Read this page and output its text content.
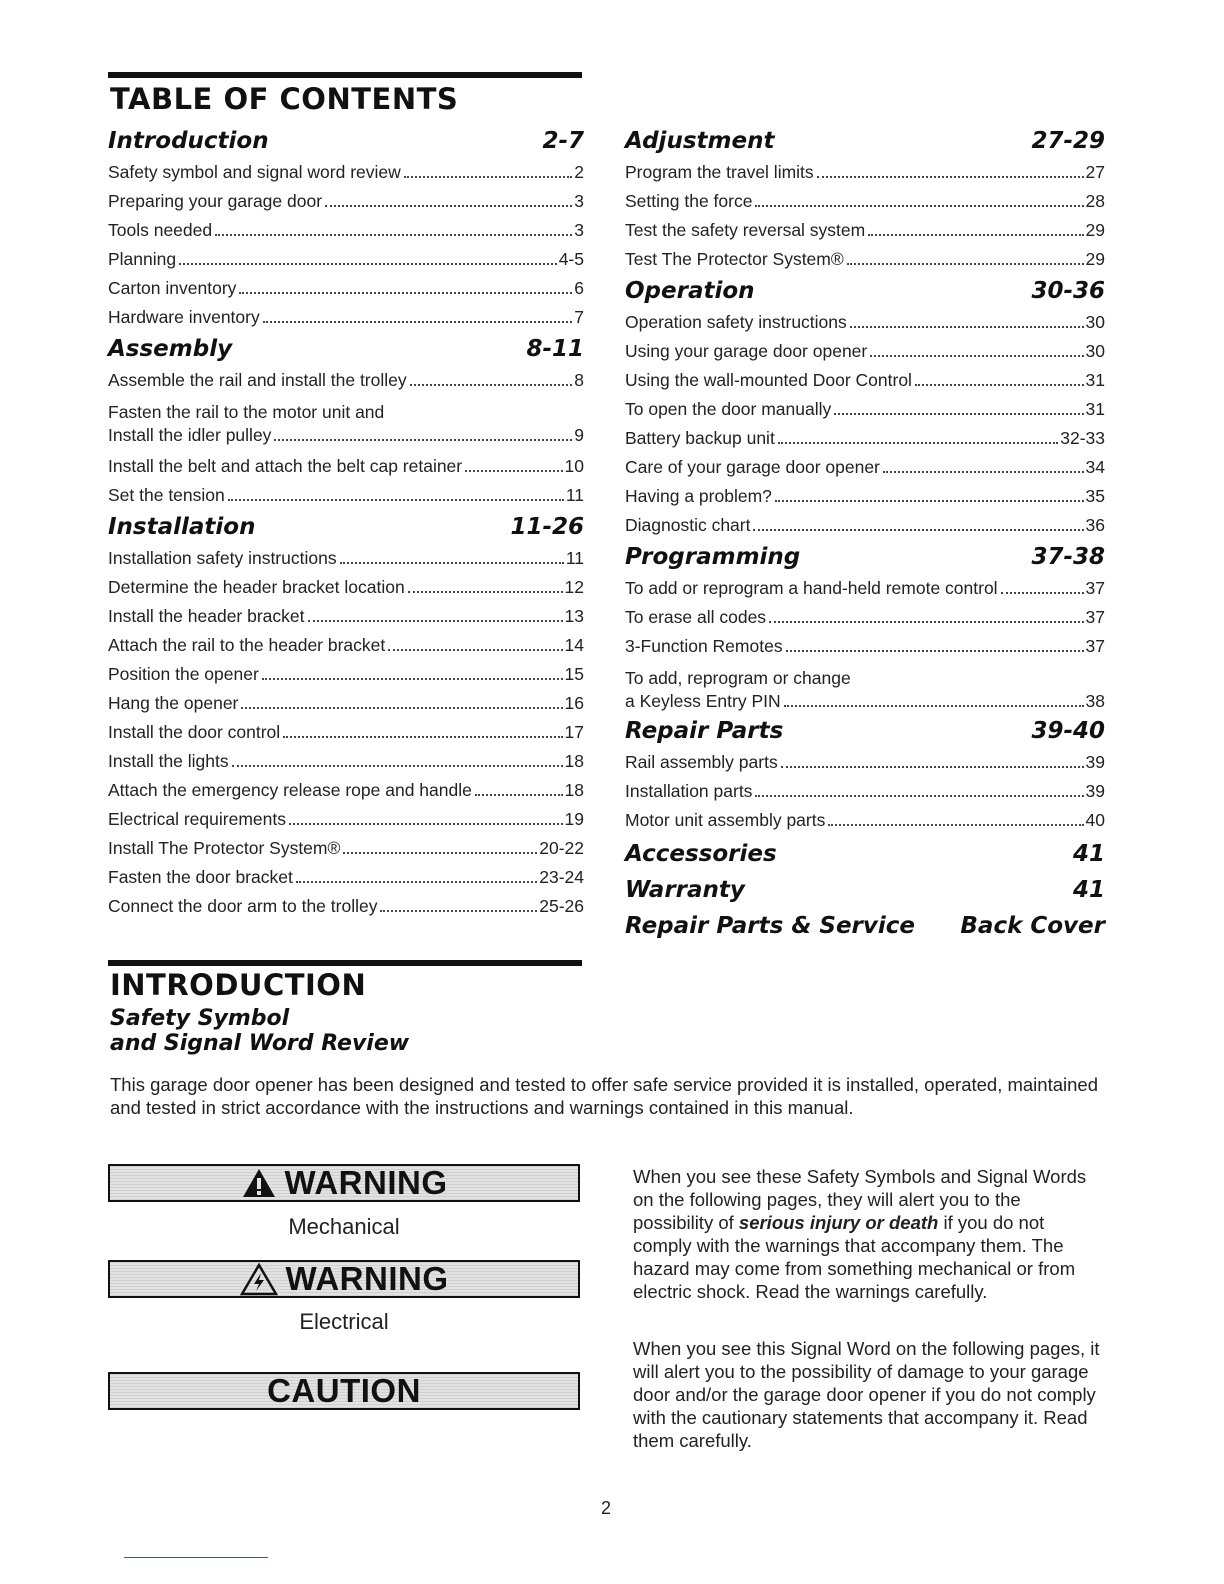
TABLE OF CONTENTS
Introduction	2-7
Safety symbol and signal word review	2
Preparing your garage door	3
Tools needed	3
Planning	4-5
Carton inventory	6
Hardware inventory	7
Assembly	8-11
Assemble the rail and install the trolley	8
Fasten the rail to the motor unit and
Install the idler pulley	9
Install the belt and attach the belt cap retainer	10
Set the tension	11
Installation	11-26
Installation safety instructions	11
Determine the header bracket location	12
Install the header bracket	13
Attach the rail to the header bracket	14
Position the opener	15
Hang the opener	16
Install the door control	17
Install the lights	18
Attach the emergency release rope and handle	18
Electrical requirements	19
Install The Protector System®	20-22
Fasten the door bracket	23-24
Connect the door arm to the trolley	25-26
Adjustment	27-29
Program the travel limits	27
Setting the force	28
Test the safety reversal system	29
Test The Protector System®	29
Operation	30-36
Operation safety instructions	30
Using your garage door opener	30
Using the wall-mounted Door Control	31
To open the door manually	31
Battery backup unit	32-33
Care of your garage door opener	34
Having a problem?	35
Diagnostic chart	36
Programming	37-38
To add or reprogram a hand-held remote control	37
To erase all codes	37
3-Function Remotes	37
To add, reprogram or change
a Keyless Entry PIN	38
Repair Parts	39-40
Rail assembly parts	39
Installation parts	39
Motor unit assembly parts	40
Accessories	41
Warranty	41
Repair Parts & Service Back Cover
INTRODUCTION
Safety Symbol
and Signal Word Review

This garage door opener has been designed and tested to offer safe service provided it is installed, operated, maintained and tested in strict accordance with the instructions and warnings contained in this manual.

WARNING
Mechanical
WARNING
Electrical
CAUTION

When you see these Safety Symbols and Signal Words on the following pages, they will alert you to the possibility of serious injury or death if you do not comply with the warnings that accompany them. The hazard may come from something mechanical or from electric shock. Read the warnings carefully.

When you see this Signal Word on the following pages, it will alert you to the possibility of damage to your garage door and/or the garage door opener if you do not comply with the cautionary statements that accompany it. Read them carefully.

2
